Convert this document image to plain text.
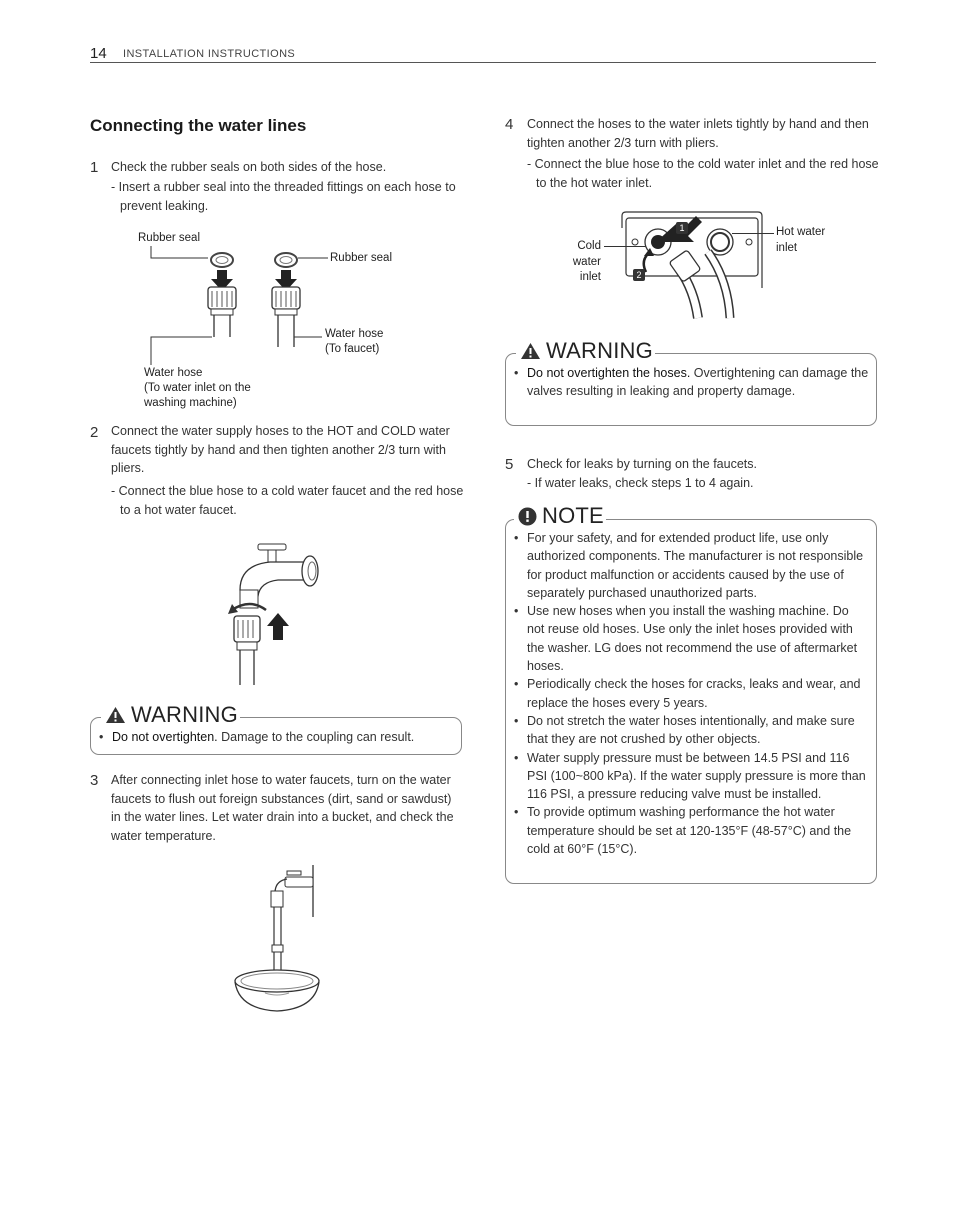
14 INSTALLATION INSTRUCTIONS
Connecting the water lines
1 Check the rubber seals on both sides of the hose.
- Insert a rubber seal into the threaded fittings on each hose to prevent leaking.
Rubber seal
Rubber seal
Water hose
(To faucet)
Water hose
(To water inlet on the
washing machine)
2 Connect the water supply hoses to the HOT and COLD water faucets tightly by hand and then tighten another 2/3 turn with pliers.
- Connect the blue hose to a cold water faucet and the red hose to a hot water faucet.
• Do not overtighten. Damage to the coupling can result.
WARNING
3 After connecting inlet hose to water faucets, turn on the water faucets to flush out foreign substances (dirt, sand or sawdust) in the water lines. Let water drain into a bucket, and check the water temperature.
4 Connect the hoses to the water inlets tightly by hand and then tighten another 2/3 turn with pliers.
- Connect the blue hose to the cold water inlet and the red hose to the hot water inlet.
1
2
Cold
water
inlet
Hot water
inlet
• Do not overtighten the hoses. Overtightening can damage the valves resulting in leaking and property damage.
WARNING
5 Check for leaks by turning on the faucets.
- If water leaks, check steps 1 to 4 again.
• For your safety, and for extended product life, use only authorized components. The manufacturer is not responsible for product malfunction or accidents caused by the use of separately purchased unauthorized parts.
• Use new hoses when you install the washing machine. Do not reuse old hoses. Use only the inlet hoses provided with the washer. LG does not recommend the use of aftermarket hoses.
• Periodically check the hoses for cracks, leaks and wear, and replace the hoses every 5 years.
• Do not stretch the water hoses intentionally, and make sure that they are not crushed by other objects.
• Water supply pressure must be between 14.5 PSI and 116 PSI (100~800 kPa). If the water supply pressure is more than 116 PSI, a pressure reducing valve must be installed.
• To provide optimum washing performance the hot water temperature should be set at 120-135°F (48-57°C) and the cold at 60°F (15°C).
NOTE
